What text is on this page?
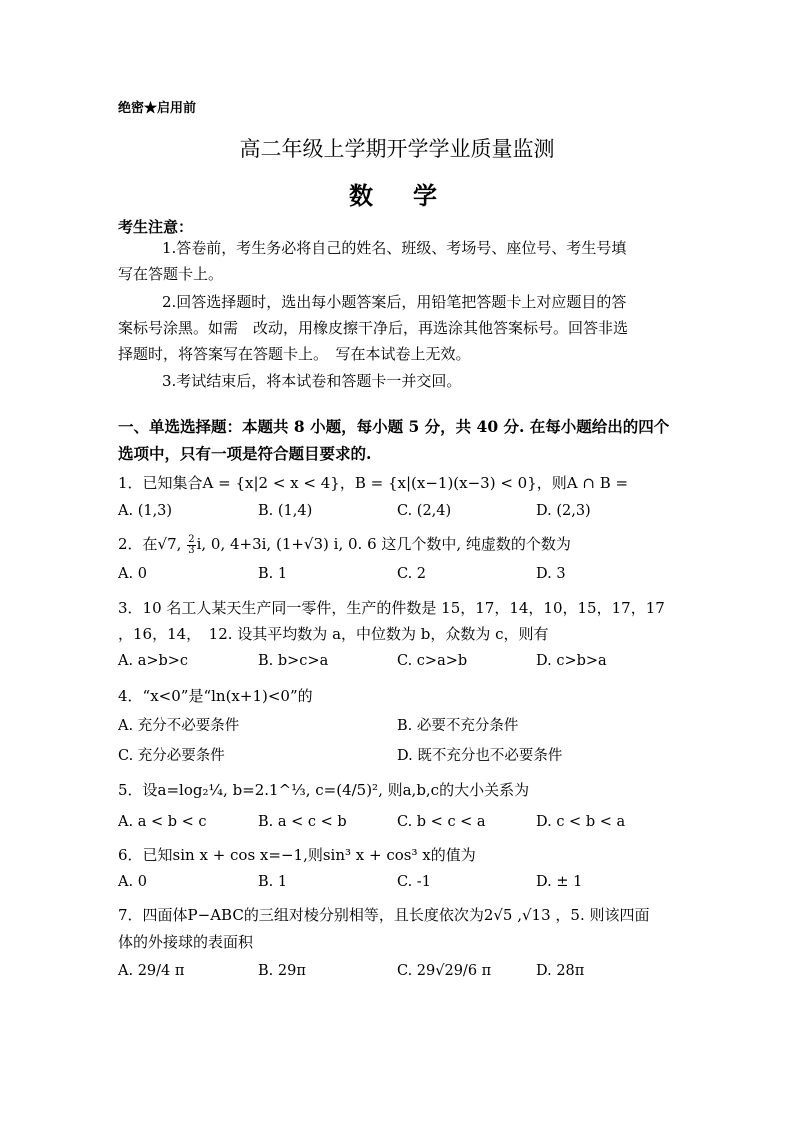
绝密★启用前
高二年级上学期开学学业质量监测
数　学
考生注意：
1.答卷前，考生务必将自己的姓名、班级、考场号、座位号、考生号填
写在答题卡上。
2.回答选择题时，选出每小题答案后，用铅笔把答题卡上对应题目的答
案标号涂黑。如需　改动，用橡皮擦干净后，再选涂其他答案标号。回答非选
择题时，将答案写在答题卡上。　写在本试卷上无效。
3.考试结束后，将本试卷和答题卡一并交回。
一、单选选择题：本题共 8 小题，每小题 5 分，共 40 分. 在每小题给出的四个
选项中，只有一项是符合题目要求的.
1．已知集合A = {x|2 < x < 4}，B = {x|(x−1)(x−3) < 0}，则A ∩ B =
A. (1,3)	B. (1,4)	C. (2,4)	D. (2,3)
2．在√7, $\frac{2}{3} i$, 0, 4+3i, (1+√3) i, 0. 6 这几个数中, 纯虚数的个数为
A. 0	B. 1	C. 2	D. 3
3．10 名工人某天生产同一零件，生产的件数是 15，17，14，10，15，17，17
，16，14，　12. 设其平均数为 a，中位数为 b，众数为 c，则有
A. a>b>c	B. b>c>a	C. c>a>b	D. c>b>a
4．“x<0”是“ln(x+1)<0”的
A. 充分不必要条件	B. 必要不充分条件
C. 充分必要条件	D. 既不充分也不必要条件
5．设a=log₂¼, b=2.1^⅓, c=(4/5)², 则a,b,c的大小关系为
A. a < b < c	B. a < c < b	C. b < c < a	D. c < b < a
6．已知sin x + cos x=−1,则sin³ x + cos³ x的值为
A. 0	B. 1	C. -1	D. ± 1
7．四面体P−ABC的三组对棱分别相等，且长度依次为2√5 ,√13 ，5. 则该四面
体的外接球的表面积
A. 29/4 π	B. 29π	C. 29√29/6 π	D. 28π
